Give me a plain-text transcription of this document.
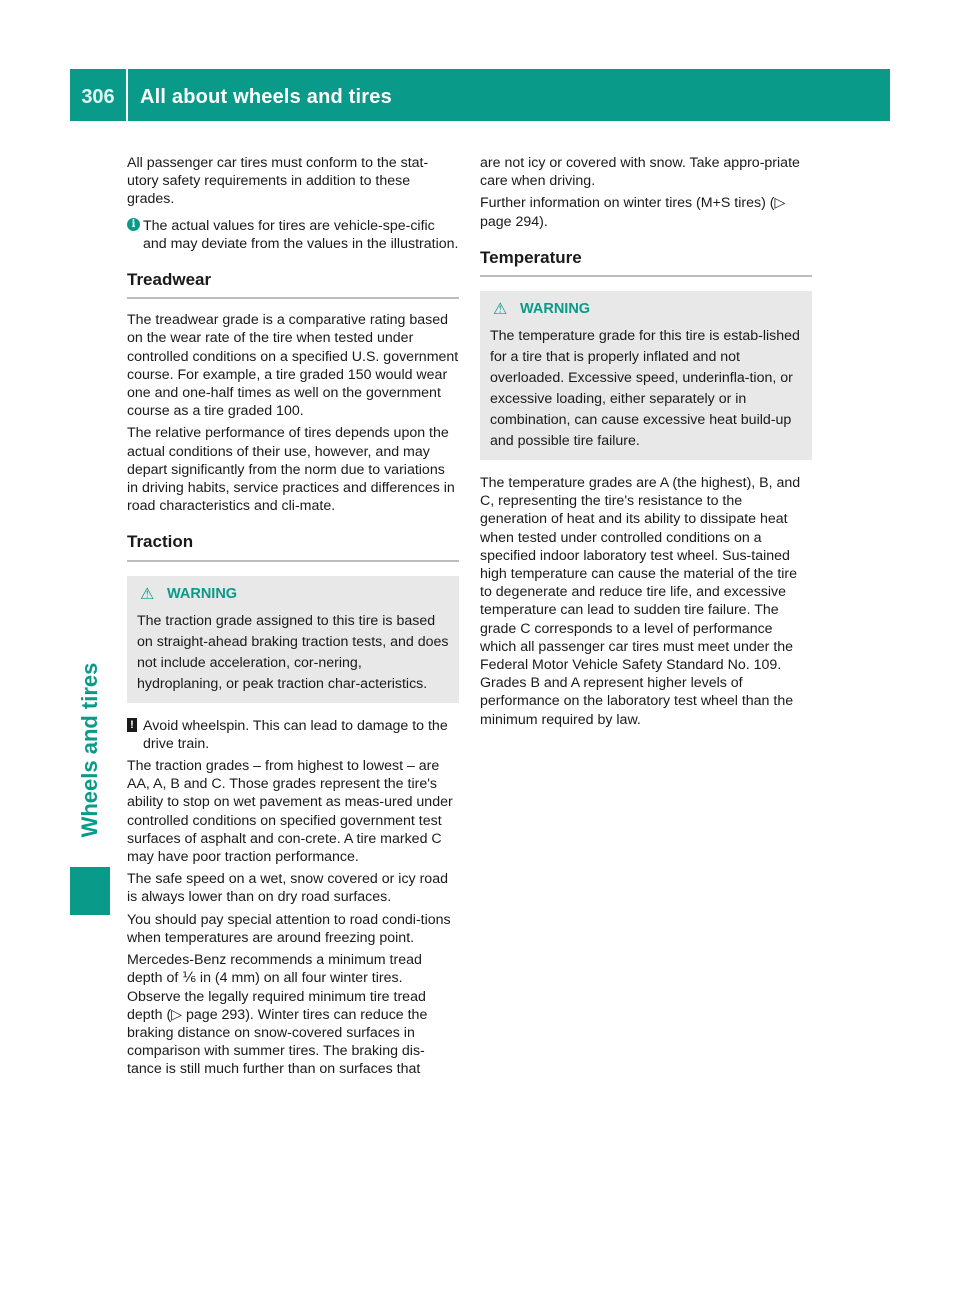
306	All about wheels and tires
Wheels and tires

All passenger car tires must conform to the stat-utory safety requirements in addition to these grades.

i The actual values for tires are vehicle-spe-cific and may deviate from the values in the illustration.
Treadwear

The treadwear grade is a comparative rating based on the wear rate of the tire when tested under controlled conditions on a specified U.S. government course. For example, a tire graded 150 would wear one and one-half times as well on the government course as a tire graded 100.

The relative performance of tires depends upon the actual conditions of their use, however, and may depart significantly from the norm due to variations in driving habits, service practices and differences in road characteristics and cli-mate.

Traction
⚠ WARNING
The traction grade assigned to this tire is based on straight-ahead braking traction tests, and does not include acceleration, cor-nering, hydroplaning, or peak traction char-acteristics.
! Avoid wheelspin. This can lead to damage to the drive train.

The traction grades – from highest to lowest – are AA, A, B and C. Those grades represent the tire's ability to stop on wet pavement as meas-ured under controlled conditions on specified government test surfaces of asphalt and con-crete. A tire marked C may have poor traction performance.

The safe speed on a wet, snow covered or icy road is always lower than on dry road surfaces.

You should pay special attention to road condi-tions when temperatures are around freezing point.

Mercedes-Benz recommends a minimum tread depth of ⅙ in (4 mm) on all four winter tires. Observe the legally required minimum tire tread depth (▷ page 293). Winter tires can reduce the braking distance on snow-covered surfaces in comparison with summer tires. The braking dis-tance is still much further than on surfaces that

are not icy or covered with snow. Take appro-priate care when driving.

Further information on winter tires (M+S tires) (▷ page 294).

Temperature
⚠ WARNING
The temperature grade for this tire is estab-lished for a tire that is properly inflated and not overloaded. Excessive speed, underinfla-tion, or excessive loading, either separately or in combination, can cause excessive heat build-up and possible tire failure.

The temperature grades are A (the highest), B, and C, representing the tire's resistance to the generation of heat and its ability to dissipate heat when tested under controlled conditions on a specified indoor laboratory test wheel. Sus-tained high temperature can cause the material of the tire to degenerate and reduce tire life, and excessive temperature can lead to sudden tire failure. The grade C corresponds to a level of performance which all passenger car tires must meet under the Federal Motor Vehicle Safety Standard No. 109. Grades B and A represent higher levels of performance on the laboratory test wheel than the minimum required by law.
